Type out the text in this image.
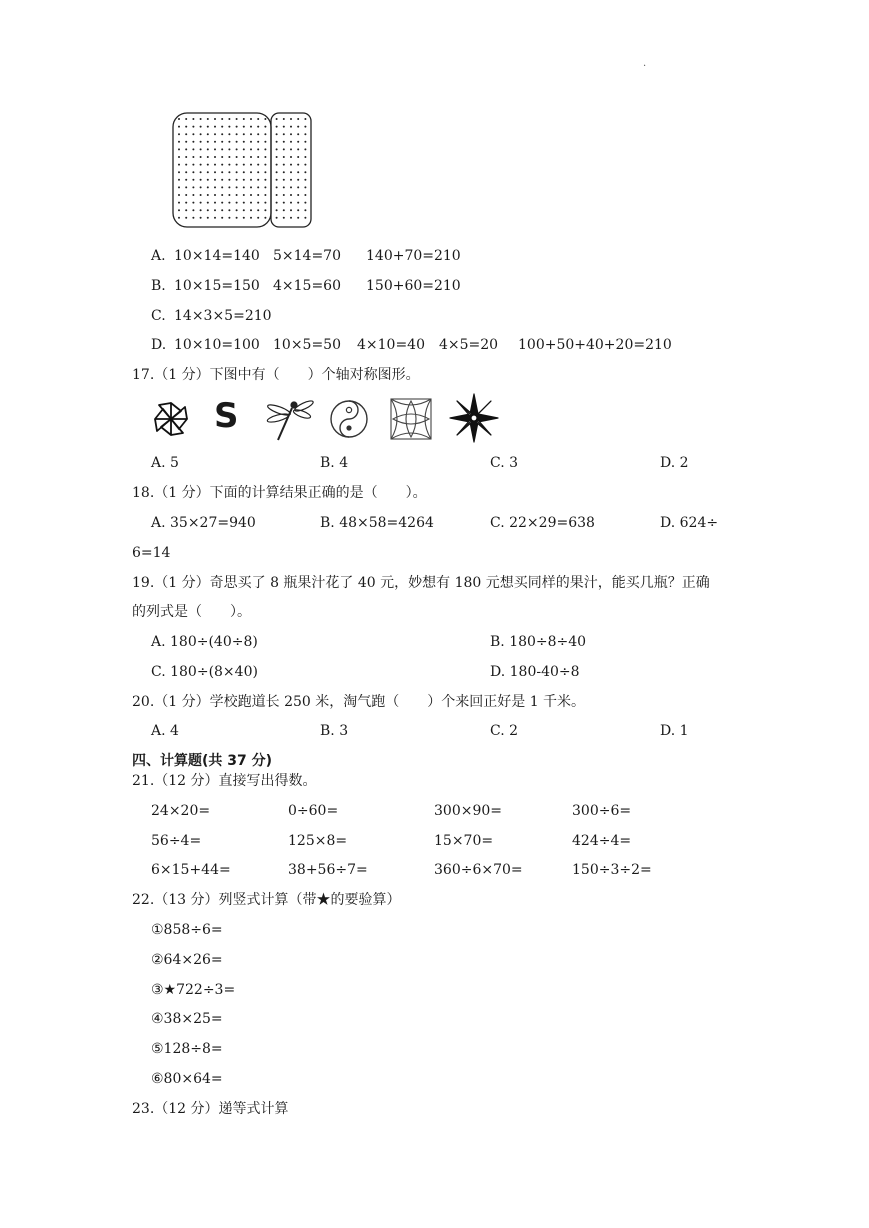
.
A. 10×14=140 5×14=70 140+70=210
B. 10×15=150 4×15=60 150+60=210
C. 14×3×5=210
D. 10×10=100 10×5=50 4×10=40 4×5=20 100+50+40+20=210
17.（1 分）下图中有（　　）个轴对称图形。
S
A. 5	B. 4	C. 3	D. 2
18.（1 分）下面的计算结果正确的是（　　）。
A. 35×27=940	B. 48×58=4264	C. 22×29=638	D. 624÷
6=14
19.（1 分）奇思买了 8 瓶果汁花了 40 元，妙想有 180 元想买同样的果汁，能买几瓶？正确
的列式是（　　）。
A. 180÷(40÷8)	B. 180÷8÷40
C. 180÷(8×40)	D. 180-40÷8
20.（1 分）学校跑道长 250 米，淘气跑（　　）个来回正好是 1 千米。
A. 4	B. 3	C. 2	D. 1
四、计算题(共 37 分)
21.（12 分）直接写出得数。
24×20=	0÷60=	300×90=	300÷6=
56÷4=	125×8=	15×70=	424÷4=
6×15+44=	38+56÷7=	360÷6×70=	150÷3÷2=
22.（13 分）列竖式计算（带★的要验算）
①858÷6=
②64×26=
③★722÷3=
④38×25=
⑤128÷8=
⑥80×64=
23.（12 分）递等式计算
